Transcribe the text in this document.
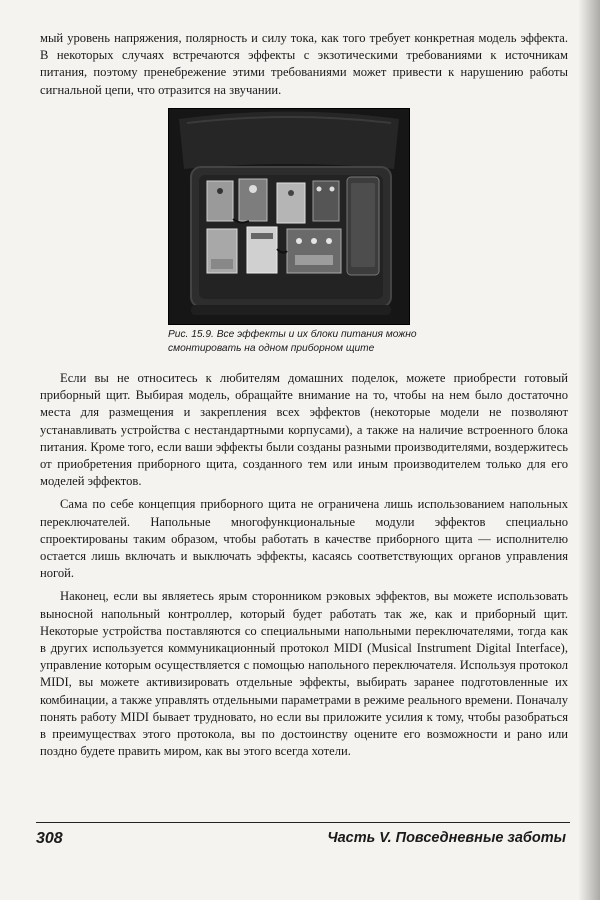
мый уровень напряжения, полярность и силу тока, как того требует конкретная модель эффекта. В некоторых случаях встречаются эффекты с экзотическими требованиями к источникам питания, поэтому пренебрежение этими требованиями может привести к нарушению работы сигнальной цепи, что отразится на звучании.

Рис. 15.9. Все эффекты и их блоки питания можно смонтировать на одном приборном щите

Если вы не относитесь к любителям домашних поделок, можете приобрести готовый приборный щит. Выбирая модель, обращайте внимание на то, чтобы на нем было достаточно места для размещения и закрепления всех эффектов (некоторые модели не позволяют устанавливать устройства с нестандартными корпусами), а также на наличие встроенного блока питания. Кроме того, если ваши эффекты были созданы разными производителями, воздержитесь от приобретения приборного щита, созданного тем или иным производителем только для его моделей эффектов.

Сама по себе концепция приборного щита не ограничена лишь использованием напольных переключателей. Напольные многофункциональные модули эффектов специально спроектированы таким образом, чтобы работать в качестве приборного щита — исполнителю остается лишь включать и выключать эффекты, касаясь соответствующих органов управления ногой.

Наконец, если вы являетесь ярым сторонником рэковых эффектов, вы можете использовать выносной напольный контроллер, который будет работать так же, как и приборный щит. Некоторые устройства поставляются со специальными напольными переключателями, тогда как в других используется коммуникационный протокол MIDI (Musical Instrument Digital Interface), управление которым осуществляется с помощью напольного переключателя. Используя протокол MIDI, вы можете активизировать отдельные эффекты, выбирать заранее подготовленные их комбинации, а также управлять отдельными параметрами в режиме реального времени. Поначалу понять работу MIDI бывает трудновато, но если вы приложите усилия к тому, чтобы разобраться в преимуществах этого протокола, вы по достоинству оцените его возможности и рано или поздно будете править миром, как вы этого всегда хотели.

308	Часть V. Повседневные заботы
